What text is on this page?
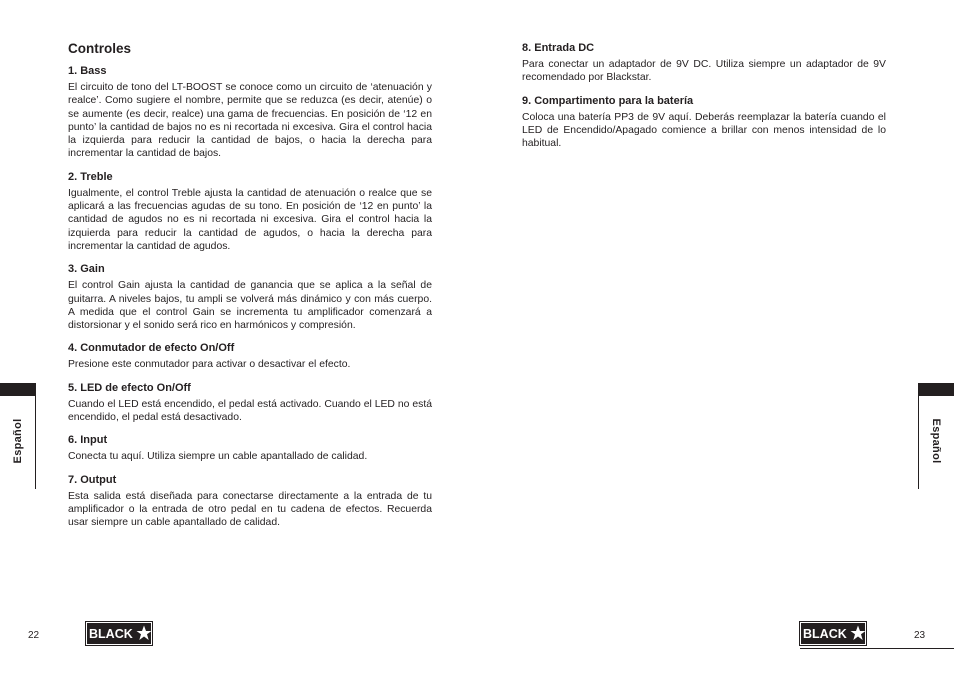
Controles
1. Bass

El circuito de tono del LT-BOOST se conoce como un circuito de ‘atenuación y realce’. Como sugiere el nombre, permite que se reduzca (es decir, atenúe) o se aumente (es decir, realce) una gama de frecuencias. En posición de ‘12 en punto’ la cantidad de bajos no es ni recortada ni excesiva. Gira el control hacia la izquierda para reducir la cantidad de bajos, o hacia la derecha para incrementar la cantidad de bajos.

2. Treble

Igualmente, el control Treble ajusta la cantidad de atenuación o realce que se aplicará a las frecuencias agudas de su tono. En posición de ‘12 en punto’ la cantidad de agudos no es ni recortada ni excesiva. Gira el control hacia la izquierda para reducir la cantidad de agudos, o hacia la derecha para incrementar la cantidad de agudos.

3. Gain

El control Gain ajusta la cantidad de ganancia que se aplica a la señal de guitarra. A niveles bajos, tu ampli se volverá más dinámico y con más cuerpo. A medida que el control Gain se incrementa tu amplificador comenzará a distorsionar y el sonido será rico en harmónicos y compresión.

4. Conmutador de efecto On/Off

Presione este conmutador para activar o desactivar el efecto.

5. LED de efecto On/Off

Cuando el LED está encendido, el pedal está activado. Cuando el LED no está encendido, el pedal está desactivado.

6. Input

Conecta tu aquí. Utiliza siempre un cable apantallado de calidad.

7. Output

Esta salida está diseñada para conectarse directamente a la entrada de tu amplificador o la entrada de otro pedal en tu cadena de efectos. Recuerda usar siempre un cable apantallado de calidad.

8. Entrada DC

Para conectar un adaptador de 9V DC. Utiliza siempre un adaptador de 9V recomendado por Blackstar.

9. Compartimento para la batería

Coloca una batería PP3 de 9V aquí. Deberás reemplazar la batería cuando el LED de Encendido/Apagado comience a brillar con menos intensidad de lo habitual.

Español	Español
22	BLACK	BLACK	23
